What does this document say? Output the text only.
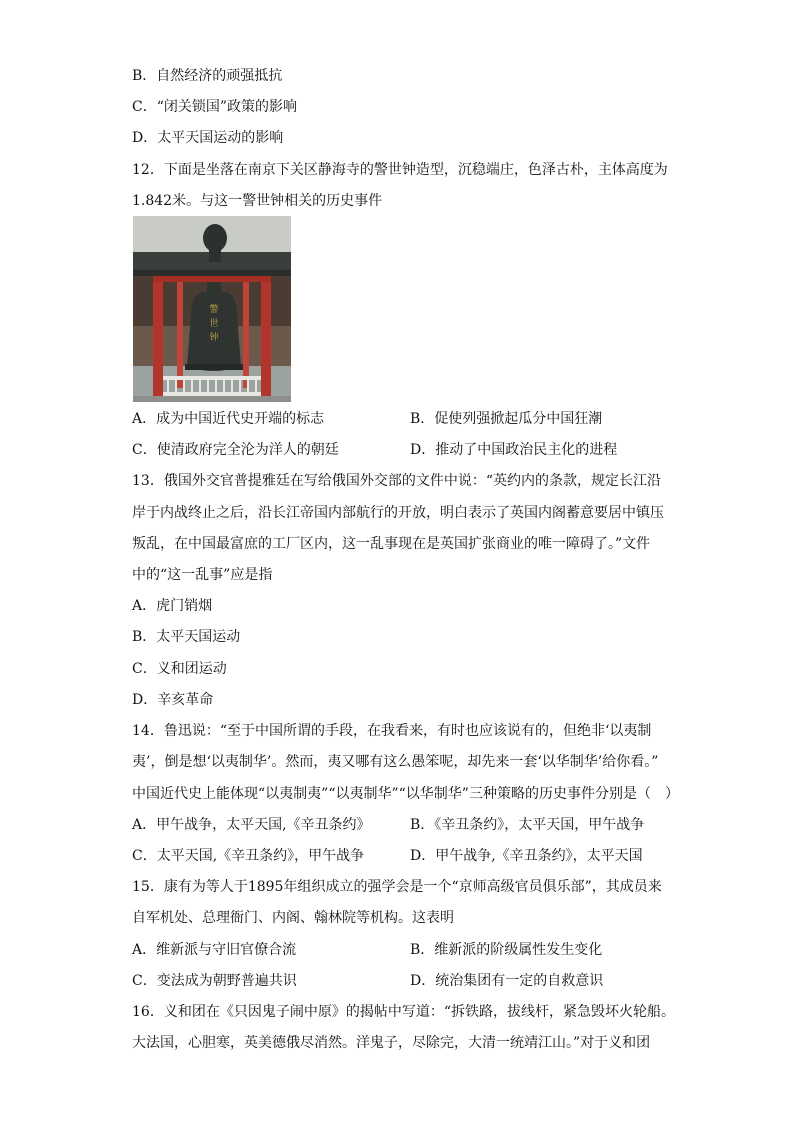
B．自然经济的顽强抵抗
C．“闭关锁国”政策的影响
D．太平天国运动的影响
12．下面是坐落在南京下关区静海寺的警世钟造型，沉稳端庄，色泽古朴，主体高度为
1.842米。与这一警世钟相关的历史事件
警
世
钟
A．成为中国近代史开端的标志	B．促使列强掀起瓜分中国狂潮
C．使清政府完全沦为洋人的朝廷	D．推动了中国政治民主化的进程
13．俄国外交官普提雅廷在写给俄国外交部的文件中说：“英约内的条款，规定长江沿
岸于内战终止之后，沿长江帝国内部航行的开放，明白表示了英国内阁蓄意要居中镇压
叛乱，在中国最富庶的工厂区内，这一乱事现在是英国扩张商业的唯一障碍了。”文件
中的“这一乱事”应是指
A．虎门销烟
B．太平天国运动
C．义和团运动
D．辛亥革命
14．鲁迅说：“至于中国所谓的手段，在我看来，有时也应该说有的，但绝非‘以夷制
夷’，倒是想‘以夷制华’。然而，夷又哪有这么愚笨呢，却先来一套‘以华制华’给你看。”
中国近代史上能体现“以夷制夷”“以夷制华”“以华制华”三种策略的历史事件分别是（　）
A．甲午战争，太平天国,《辛丑条约》	B．《辛丑条约》，太平天国，甲午战争
C．太平天国,《辛丑条约》，甲午战争	D．甲午战争,《辛丑条约》，太平天国
15．康有为等人于1895年组织成立的强学会是一个“京师高级官员俱乐部”，其成员来
自军机处、总理衙门、内阁、翰林院等机构。这表明
A．维新派与守旧官僚合流	B．维新派的阶级属性发生变化
C．变法成为朝野普遍共识	D．统治集团有一定的自救意识
16．义和团在《只因鬼子闹中原》的揭帖中写道：“拆铁路，拔线杆，紧急毁坏火轮船。
大法国，心胆寒，英美德俄尽消然。洋鬼子，尽除完，大清一统靖江山。”对于义和团
